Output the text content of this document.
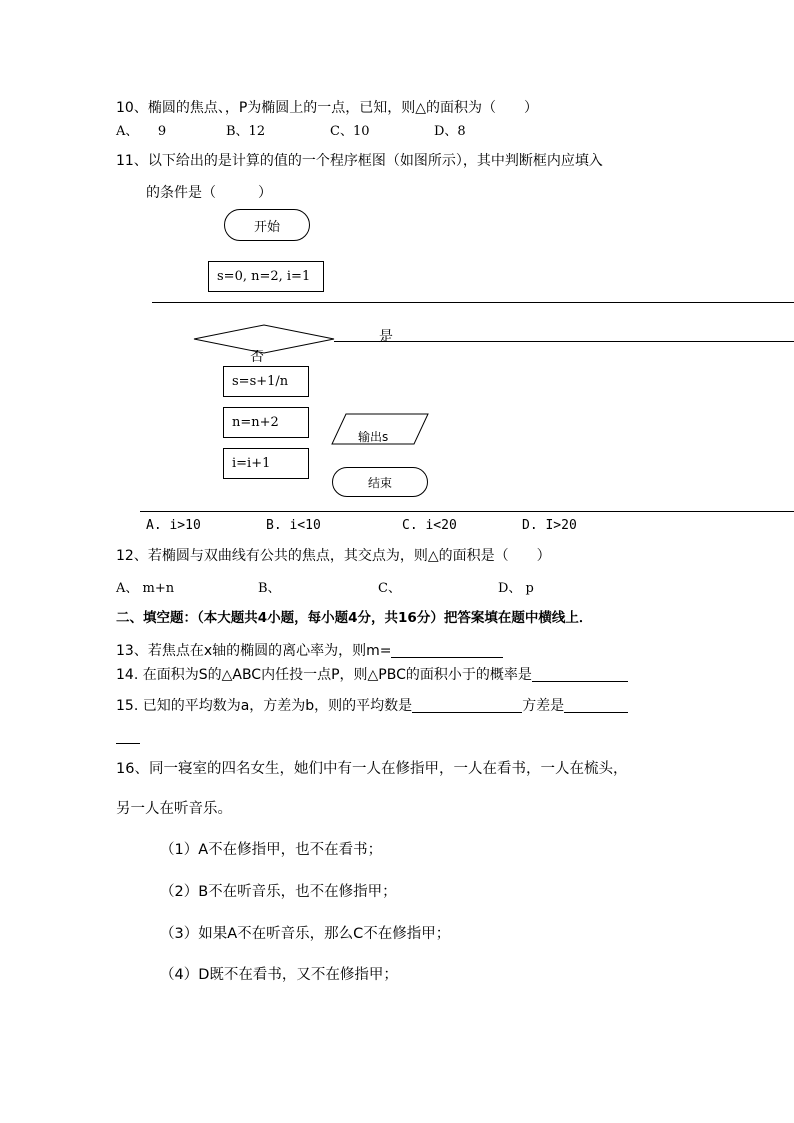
10、椭圆的焦点、，P为椭圆上的一点，已知，则△的面积为（　　）
A、　　9	B、12	C、10	D、8
11、以下给出的是计算的值的一个程序框图（如图所示），其中判断框内应填入
的条件是（　　　）
开始
s=0, n=2, i=1
是
否
s=s+1/n
n=n+2
i=i+1
输出s
结束
A. i>10	B. i<10	C. i<20	D. I>20
12、若椭圆与双曲线有公共的焦点，其交点为，则△的面积是（　　）
A、 m+n	B、	C、	D、 p
二、填空题：（本大题共4小题，每小题4分，共16分）把答案填在题中横线上．
13、若焦点在x轴的椭圆的离心率为，则m=
14. 在面积为S的△ABC内任投一点P，则△PBC的面积小于的概率是
15. 已知的平均数为a，方差为b，则的平均数是	方差是
16、同一寝室的四名女生，她们中有一人在修指甲，一人在看书，一人在梳头，
另一人在听音乐。
（1）A不在修指甲，也不在看书；
（2）B不在听音乐，也不在修指甲；
（3）如果A不在听音乐，那么C不在修指甲；
（4）D既不在看书，又不在修指甲；
